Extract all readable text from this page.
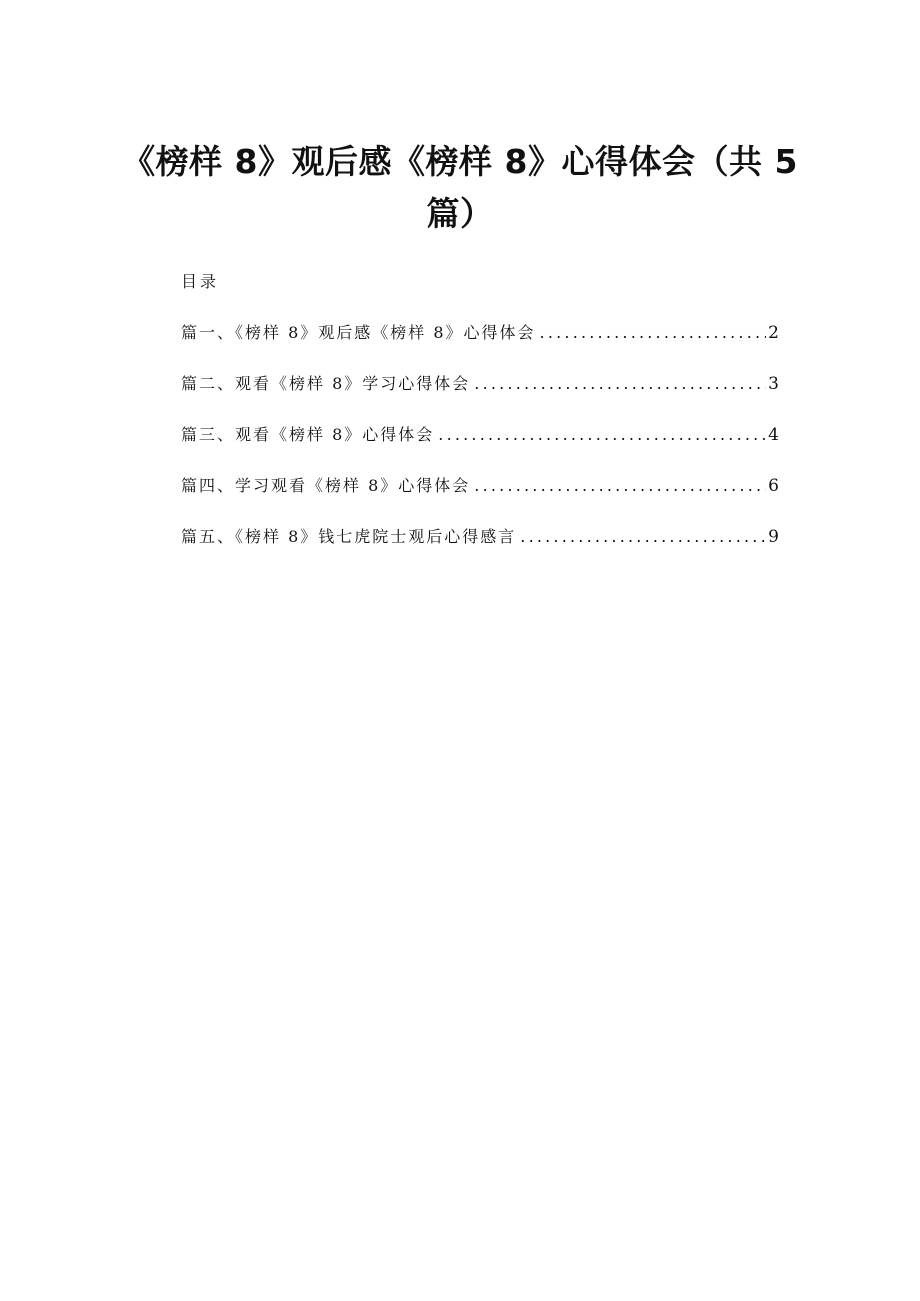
《榜样 8》观后感《榜样 8》心得体会（共 5
篇）

目录

篇一、《榜样 8》观后感《榜样 8》心得体会 .....	2
篇二、观看《榜样 8》学习心得体会 .....	3
篇三、观看《榜样 8》心得体会 .....	4
篇四、学习观看《榜样 8》心得体会 .....	6
篇五、《榜样 8》钱七虎院士观后心得感言 .....	9
